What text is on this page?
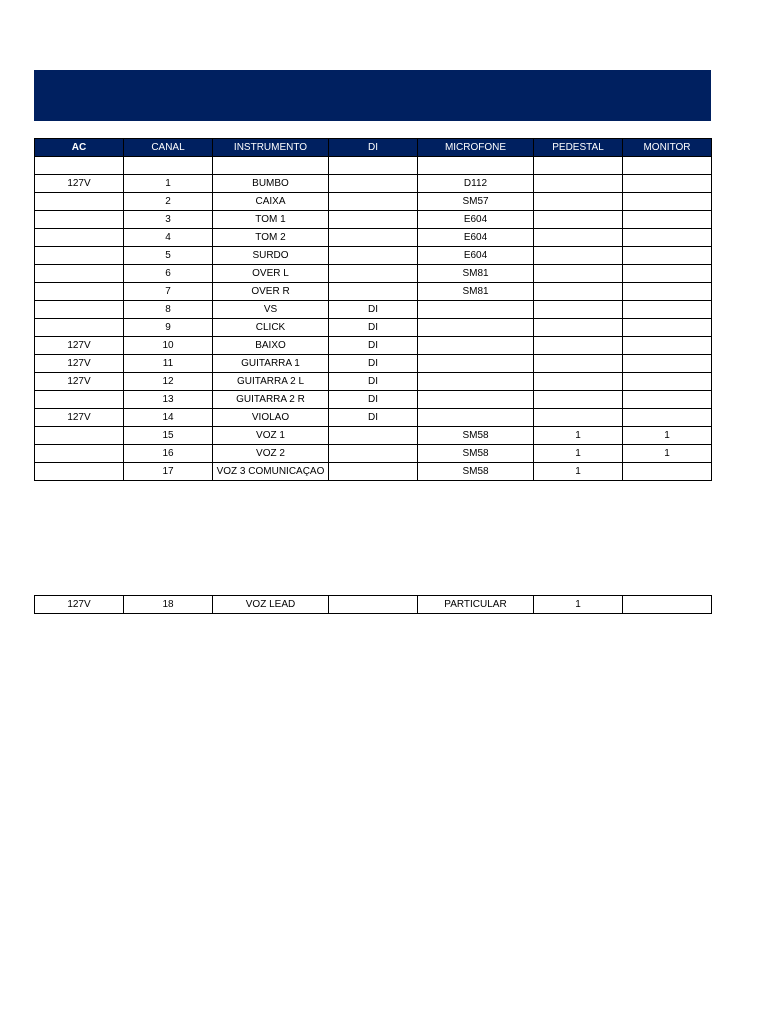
AC	CANAL	INSTRUMENTO	DI	MICROFONE	PEDESTAL	MONITOR

127V	1	BUMBO		D112		
	2	CAIXA		SM57		
	3	TOM 1		E604		
	4	TOM 2		E604		
	5	SURDO		E604		
	6	OVER L		SM81		
	7	OVER R		SM81		
	8	VS	DI			
	9	CLICK	DI			
127V	10	BAIXO	DI			
127V	11	GUITARRA 1	DI			
127V	12	GUITARRA 2 L	DI			
	13	GUITARRA 2 R	DI			
127V	14	VIOLAO	DI			
	15	VOZ 1		SM58	1	1
	16	VOZ 2		SM58	1	1
	17	VOZ 3 COMUNICAÇAO		SM58	1	
127V	18	VOZ LEAD		PARTICULAR	1	
